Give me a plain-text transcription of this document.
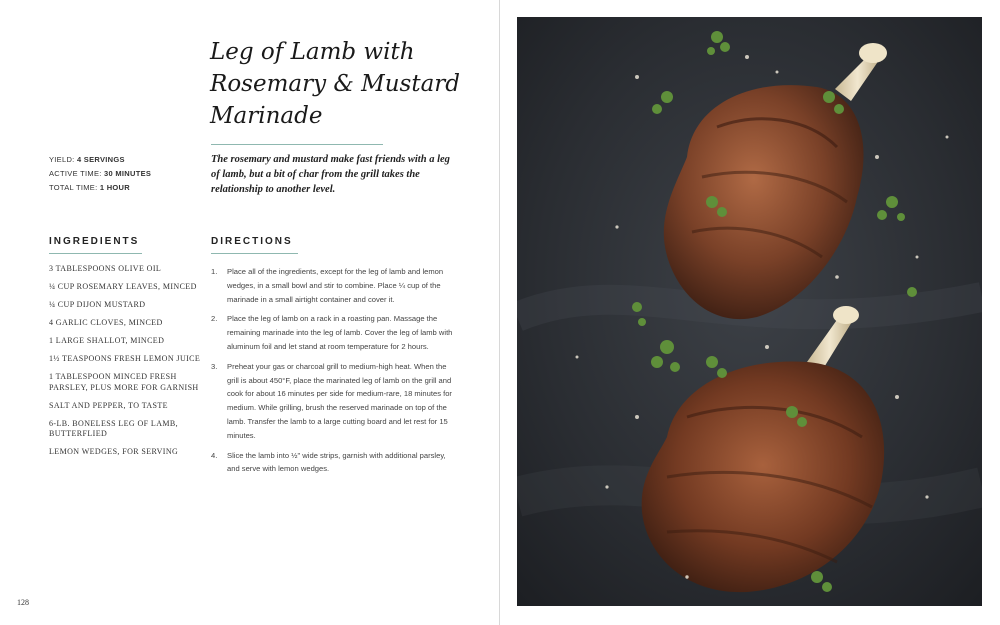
Leg of Lamb with Rosemary & Mustard Marinade
YIELD: 4 SERVINGS
ACTIVE TIME: 30 MINUTES
TOTAL TIME: 1 HOUR

The rosemary and mustard make fast friends with a leg of lamb, but a bit of char from the grill takes the relationship to another level.

INGREDIENTS	DIRECTIONS
3 TABLESPOONS OLIVE OIL
¼ CUP ROSEMARY LEAVES, MINCED
¼ CUP DIJON MUSTARD
4 GARLIC CLOVES, MINCED
1 LARGE SHALLOT, MINCED
1½ TEASPOONS FRESH LEMON JUICE
1 TABLESPOON MINCED FRESH PARSLEY, PLUS MORE FOR GARNISH
SALT AND PEPPER, TO TASTE
6-LB. BONELESS LEG OF LAMB, BUTTERFLIED
LEMON WEDGES, FOR SERVING
1. Place all of the ingredients, except for the leg of lamb and lemon wedges, in a small bowl and stir to combine. Place ¼ cup of the marinade in a small airtight container and cover it.
2. Place the leg of lamb on a rack in a roasting pan. Massage the remaining marinade into the leg of lamb. Cover the leg of lamb with aluminum foil and let stand at room temperature for 2 hours.
3. Preheat your gas or charcoal grill to medium-high heat. When the grill is about 450°F, place the marinated leg of lamb on the grill and cook for about 16 minutes per side for medium-rare, 18 minutes for medium. While grilling, brush the reserved marinade on top of the lamb. Transfer the lamb to a large cutting board and let rest for 15 minutes.
4. Slice the lamb into ½" wide strips, garnish with additional parsley, and serve with lemon wedges.
128
